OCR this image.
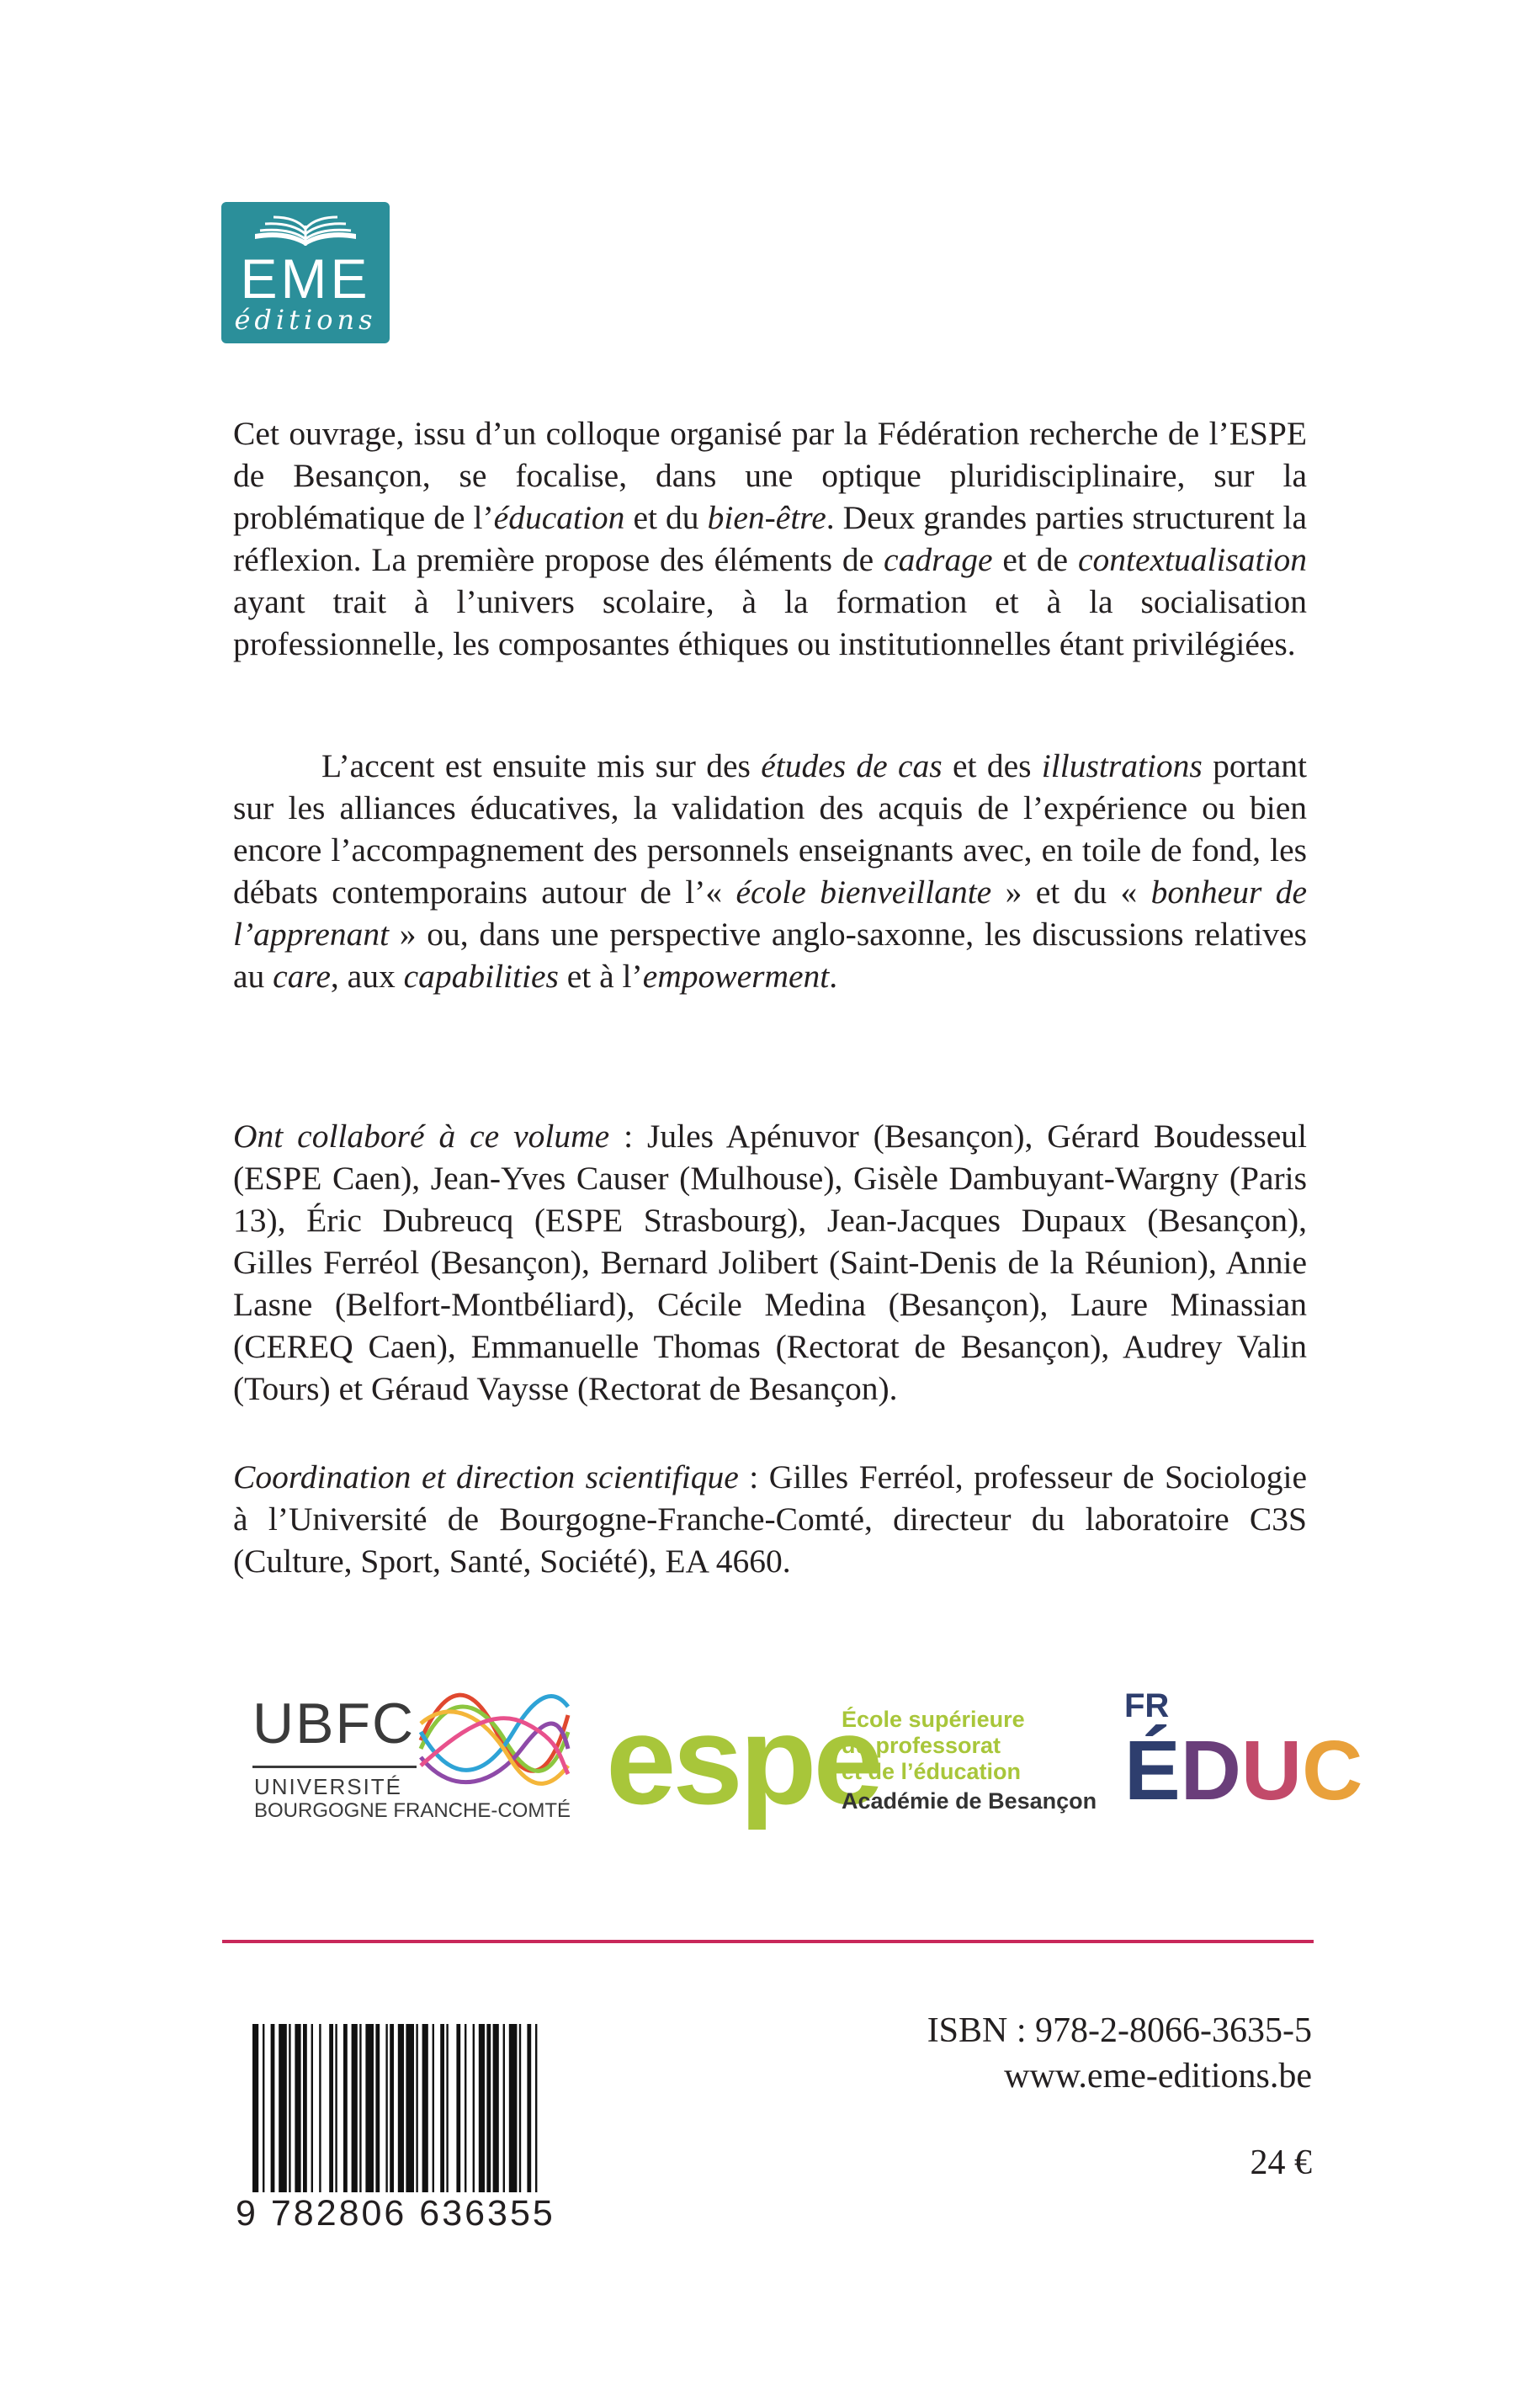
EME
éditions

Cet ouvrage, issu d’un colloque organisé par la Fédération recherche de l’ESPE de Besançon, se focalise, dans une optique pluridisciplinaire, sur la problématique de l’éducation et du bien-être. Deux grandes parties structurent la réflexion. La première propose des éléments de cadrage et de contextualisation ayant trait à l’univers scolaire, à la formation et à la socialisation professionnelle, les composantes éthiques ou institutionnelles étant privilégiées.

L’accent est ensuite mis sur des études de cas et des illustrations portant sur les alliances éducatives, la validation des acquis de l’expérience ou bien encore l’accompagnement des personnels enseignants avec, en toile de fond, les débats contemporains autour de l’« école bienveillante » et du « bonheur de l’apprenant » ou, dans une perspective anglo-saxonne, les discussions relatives au care, aux capabilities et à l’empowerment.

Ont collaboré à ce volume : Jules Apénuvor (Besançon), Gérard Boudesseul (ESPE Caen), Jean-Yves Causer (Mulhouse), Gisèle Dambuyant-Wargny (Paris 13), Éric Dubreucq (ESPE Strasbourg), Jean-Jacques Dupaux (Besançon), Gilles Ferréol (Besançon), Bernard Jolibert (Saint-Denis de la Réunion), Annie Lasne (Belfort-Montbéliard), Cécile Medina (Besançon), Laure Minassian (CEREQ Caen), Emmanuelle Thomas (Rectorat de Besançon), Audrey Valin (Tours) et Géraud Vaysse (Rectorat de Besançon).

Coordination et direction scientifique : Gilles Ferréol, professeur de Sociologie à l’Université de Bourgogne-Franche-Comté, directeur du laboratoire C3S (Culture, Sport, Santé, Société), EA 4660.

UBFC
UNIVERSITÉ
BOURGOGNE FRANCHE-COMTÉ espe
École supérieure
du professorat
et de l’éducation
Académie de Besançon
FR
ÉDUC
9 782806 636355
ISBN : 978-2-8066-3635-5
www.eme-editions.be
24 €
